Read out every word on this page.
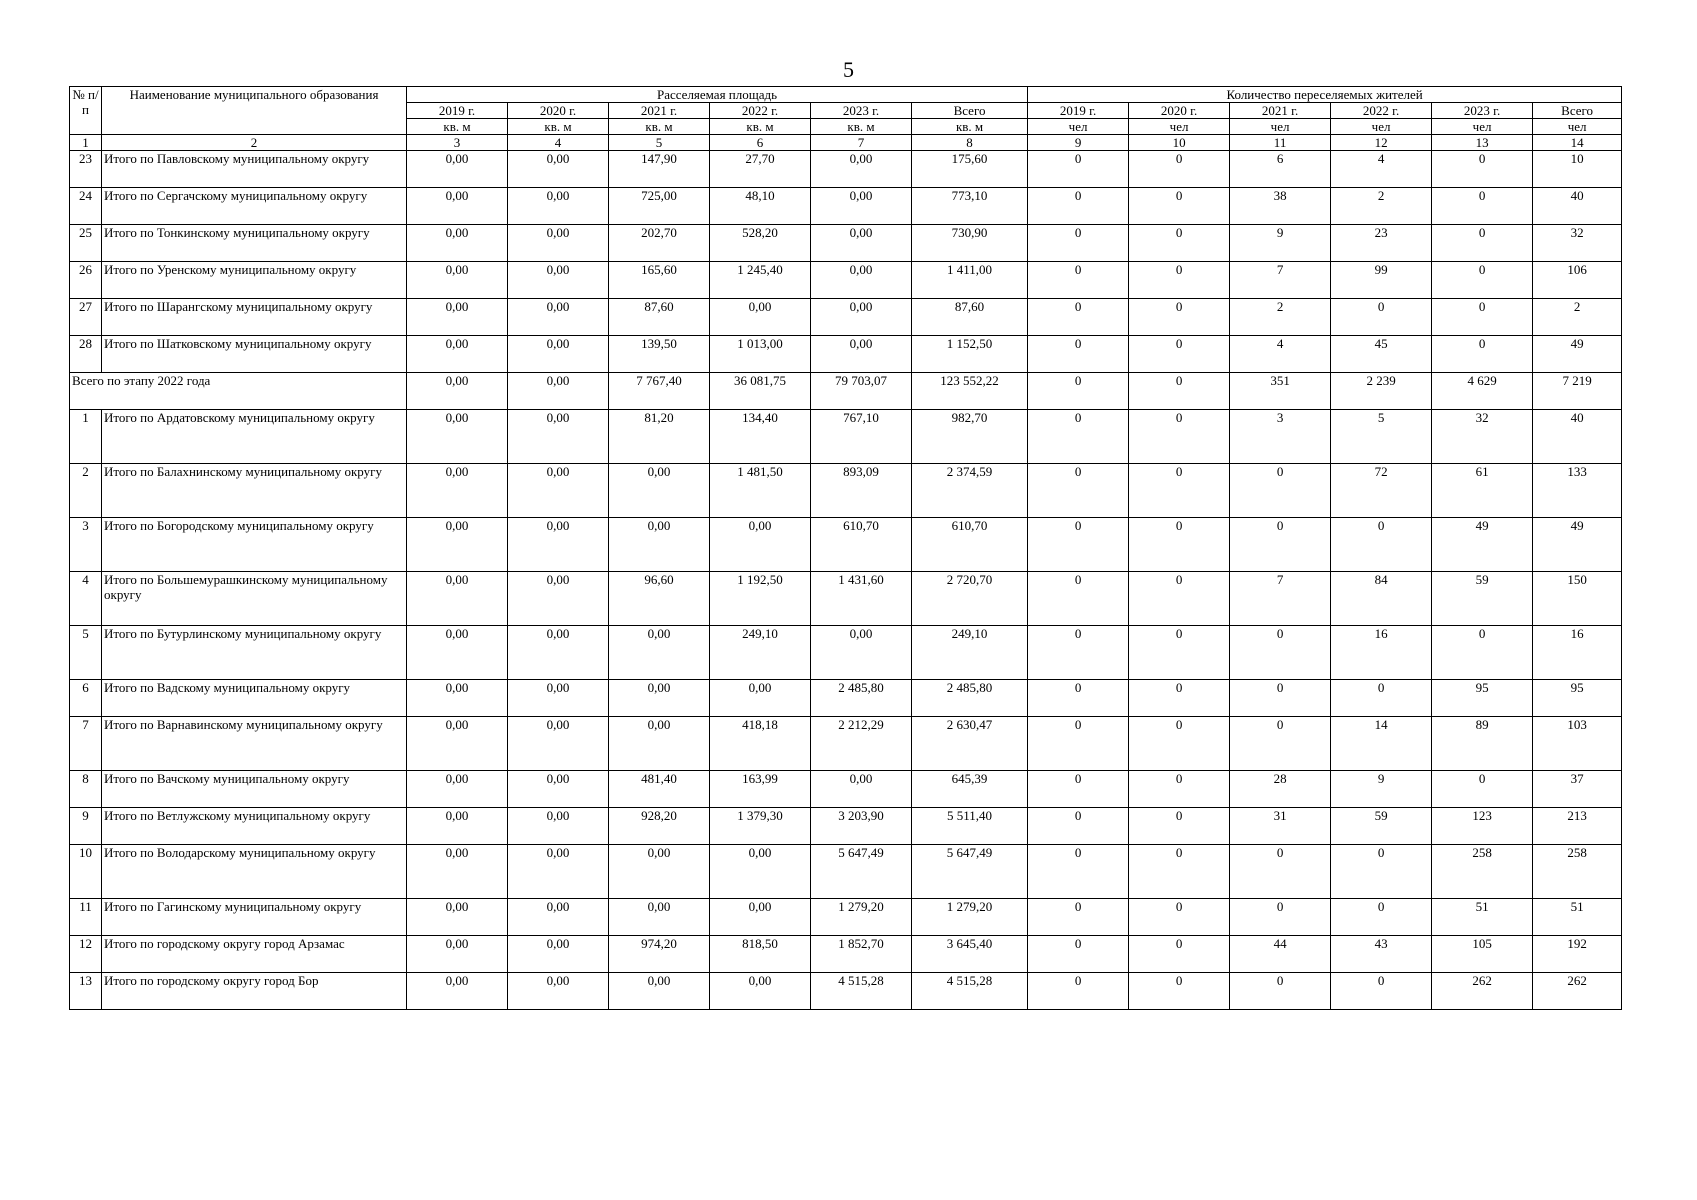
5
№ п/п	Наименование муниципального образования	Расселяемая площадь						Количество переселяемых жителей					
		2019 г.	2020 г.	2021 г.	2022 г.	2023 г.	Всего	2019 г.	2020 г.	2021 г.	2022 г.	2023 г.	Всего
		кв. м	кв. м	кв. м	кв. м	кв. м	кв. м	чел	чел	чел	чел	чел	чел
1	2	3	4	5	6	7	8	9	10	11	12	13	14
23	Итого по Павловскому муниципальному округу	0,00	0,00	147,90	27,70	0,00	175,60	0	0	6	4	0	10
24	Итого по Сергачскому муниципальному округу	0,00	0,00	725,00	48,10	0,00	773,10	0	0	38	2	0	40
25	Итого по Тонкинскому муниципальному округу	0,00	0,00	202,70	528,20	0,00	730,90	0	0	9	23	0	32
26	Итого по Уренскому муниципальному округу	0,00	0,00	165,60	1 245,40	0,00	1 411,00	0	0	7	99	0	106
27	Итого по Шарангскому муниципальному округу	0,00	0,00	87,60	0,00	0,00	87,60	0	0	2	0	0	2
28	Итого по Шатковскому муниципальному округу	0,00	0,00	139,50	1 013,00	0,00	1 152,50	0	0	4	45	0	49
Всего по этапу 2022 года		0,00	0,00	7 767,40	36 081,75	79 703,07	123 552,22	0	0	351	2 239	4 629	7 219
1	Итого по Ардатовскому муниципальному округу	0,00	0,00	81,20	134,40	767,10	982,70	0	0	3	5	32	40
2	Итого по Балахнинскому муниципальному округу	0,00	0,00	0,00	1 481,50	893,09	2 374,59	0	0	0	72	61	133
3	Итого по Богородскому муниципальному округу	0,00	0,00	0,00	0,00	610,70	610,70	0	0	0	0	49	49
4	Итого по Большемурашкинскому муниципальному округу	0,00	0,00	96,60	1 192,50	1 431,60	2 720,70	0	0	7	84	59	150
5	Итого по Бутурлинскому муниципальному округу	0,00	0,00	0,00	249,10	0,00	249,10	0	0	0	16	0	16
6	Итого по Вадскому муниципальному округу	0,00	0,00	0,00	0,00	2 485,80	2 485,80	0	0	0	0	95	95
7	Итого по Варнавинскому муниципальному округу	0,00	0,00	0,00	418,18	2 212,29	2 630,47	0	0	0	14	89	103
8	Итого по Вачскому муниципальному округу	0,00	0,00	481,40	163,99	0,00	645,39	0	0	28	9	0	37
9	Итого по Ветлужскому муниципальному округу	0,00	0,00	928,20	1 379,30	3 203,90	5 511,40	0	0	31	59	123	213
10	Итого по Володарскому муниципальному округу	0,00	0,00	0,00	0,00	5 647,49	5 647,49	0	0	0	0	258	258
11	Итого по Гагинскому муниципальному округу	0,00	0,00	0,00	0,00	1 279,20	1 279,20	0	0	0	0	51	51
12	Итого по городскому округу город Арзамас	0,00	0,00	974,20	818,50	1 852,70	3 645,40	0	0	44	43	105	192
13	Итого по городскому округу город Бор	0,00	0,00	0,00	0,00	4 515,28	4 515,28	0	0	0	0	262	262
